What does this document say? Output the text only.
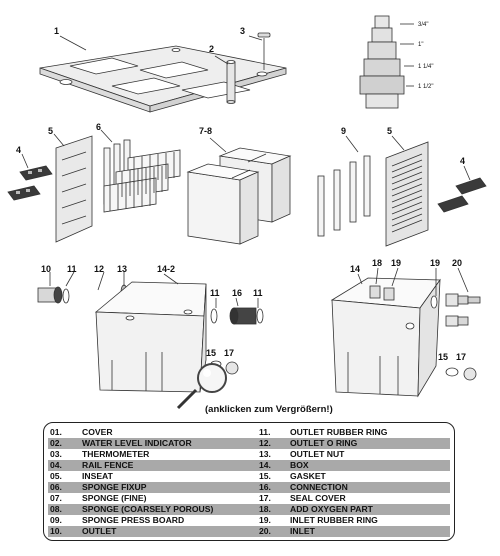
1
2
3
4
5	6	7-8	9	5
4
10 11 12 13	14-2
11 16 11
15 17
14
18 19	19 20
15 17
3/4"
1"
1 1/4"
1 1/2"
(anklicken zum Vergrößern!)
01. COVER	11. OUTLET RUBBER RING
02. WATER LEVEL INDICATOR	12. OUTLET O RING
03. THERMOMETER	13. OUTLET NUT
04. RAIL FENCE	14. BOX
05. INSEAT	15. GASKET
06. SPONGE FIXUP	16. CONNECTION
07. SPONGE (FINE)	17. SEAL COVER
08. SPONGE (COARSELY POROUS)	18. ADD OXYGEN PART
09. SPONGE PRESS BOARD	19. INLET RUBBER RING
10. OUTLET	20. INLET
